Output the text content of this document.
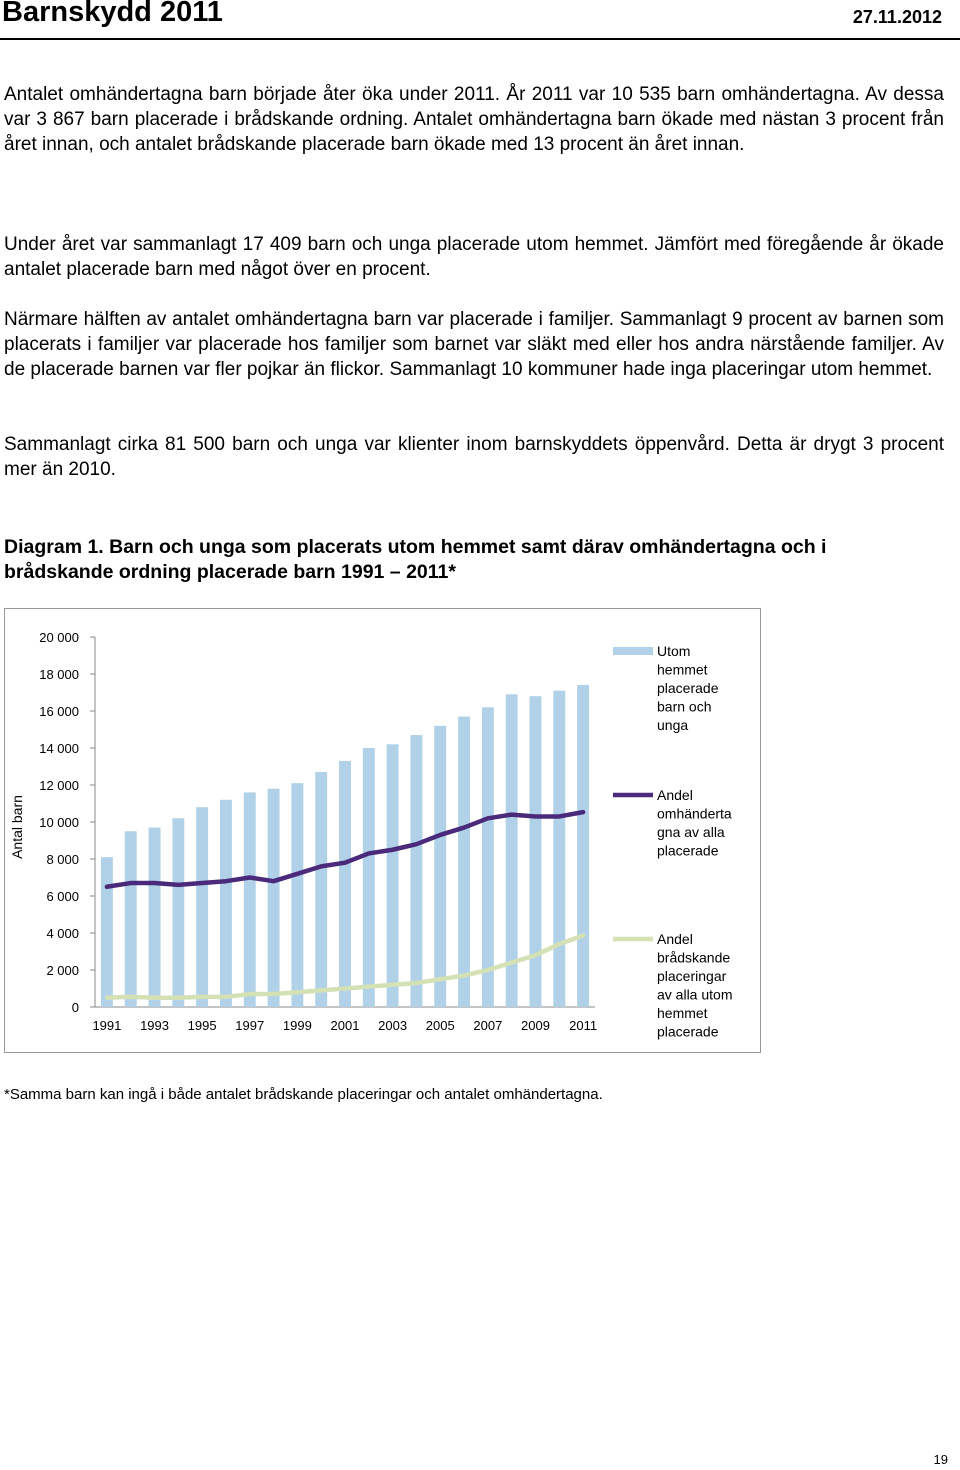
Barnskydd 2011	27.11.2012

Antalet omhändertagna barn började åter öka under 2011. År 2011 var 10 535 barn omhändertagna. Av dessa var 3 867 barn placerade i brådskande ordning. Antalet omhändertagna barn ökade med nästan 3 procent från året innan, och antalet brådskande placerade barn ökade med 13 procent än året innan.

Under året var sammanlagt 17 409 barn och unga placerade utom hemmet. Jämfört med föregående år ökade antalet placerade barn med något över en procent.

Närmare hälften av antalet omhändertagna barn var placerade i familjer. Sammanlagt 9 procent av barnen som placerats i familjer var placerade hos familjer som barnet var släkt med eller hos andra närstående familjer. Av de placerade barnen var fler pojkar än flickor. Sammanlagt 10 kommuner hade inga placeringar utom hemmet.

Sammanlagt cirka 81 500 barn och unga var klienter inom barnskyddets öppenvård. Detta är drygt 3 procent mer än 2010.

Diagram 1. Barn och unga som placerats utom hemmet samt därav omhändertagna och i brådskande ordning placerade barn 1991 – 2011*
0
2 000
4 000
6 000
8 000
10 000
12 000
14 000
16 000
18 000
20 000
Antal barn
1991 1993 1995 1997 1999 2001 2003 2005 2007 2009 2011
Utom hemmet placerade barn och unga
Andel omhänderta gna av alla placerade
Andel brådskande placeringar av alla utom hemmet placerade
*Samma barn kan ingå i både antalet brådskande placeringar och antalet omhändertagna.
19
